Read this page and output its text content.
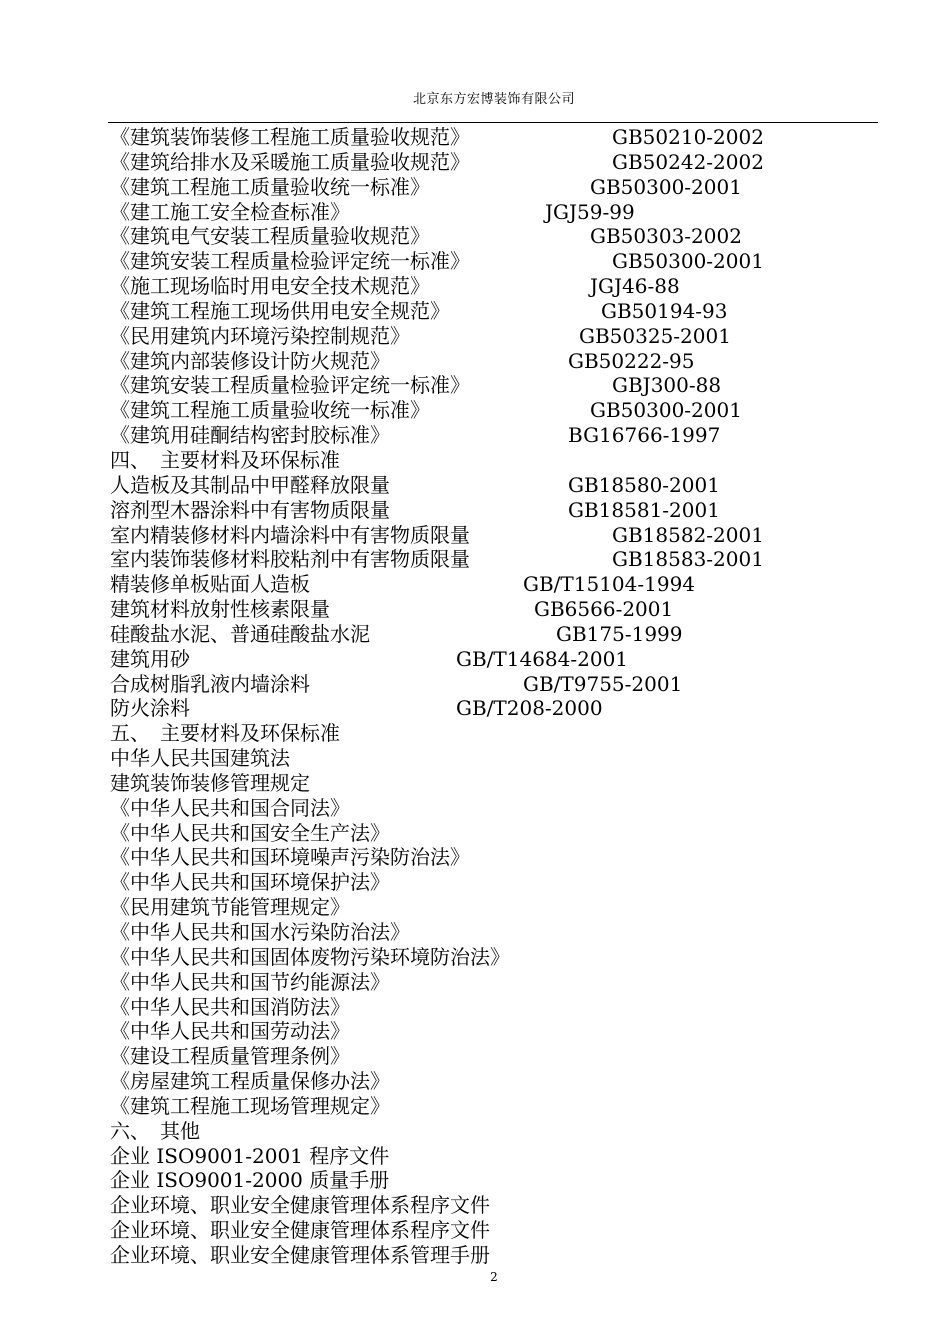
北京东方宏博装饰有限公司
《建筑装饰装修工程施工质量验收规范》	GB50210-2002
《建筑给排水及采暖施工质量验收规范》	GB50242-2002
《建筑工程施工质量验收统一标准》	GB50300-2001
《建工施工安全检查标准》	JGJ59-99
《建筑电气安装工程质量验收规范》	GB50303-2002
《建筑安装工程质量检验评定统一标准》	GB50300-2001
《施工现场临时用电安全技术规范》	JGJ46-88
《建筑工程施工现场供用电安全规范》	GB50194-93
《民用建筑内环境污染控制规范》	GB50325-2001
《建筑内部装修设计防火规范》	GB50222-95
《建筑安装工程质量检验评定统一标准》	GBJ300-88
《建筑工程施工质量验收统一标准》	GB50300-2001
《建筑用硅酮结构密封胶标准》	BG16766-1997
四、　主要材料及环保标准
人造板及其制品中甲醛释放限量	GB18580-2001
溶剂型木器涂料中有害物质限量	GB18581-2001
室内精装修材料内墙涂料中有害物质限量	GB18582-2001
室内装饰装修材料胶粘剂中有害物质限量	GB18583-2001
精装修单板贴面人造板	GB/T15104-1994
建筑材料放射性核素限量	GB6566-2001
硅酸盐水泥、普通硅酸盐水泥	GB175-1999
建筑用砂	GB/T14684-2001
合成树脂乳液内墙涂料	GB/T9755-2001
防火涂料	GB/T208-2000
五、　主要材料及环保标准
中华人民共国建筑法
建筑装饰装修管理规定
《中华人民共和国合同法》
《中华人民共和国安全生产法》
《中华人民共和国环境噪声污染防治法》
《中华人民共和国环境保护法》
《民用建筑节能管理规定》
《中华人民共和国水污染防治法》
《中华人民共和国固体废物污染环境防治法》
《中华人民共和国节约能源法》
《中华人民共和国消防法》
《中华人民共和国劳动法》
《建设工程质量管理条例》
《房屋建筑工程质量保修办法》
《建筑工程施工现场管理规定》
六、　其他
企业 ISO9001-2001 程序文件
企业 ISO9001-2000 质量手册
企业环境、职业安全健康管理体系程序文件
企业环境、职业安全健康管理体系程序文件
企业环境、职业安全健康管理体系管理手册
2
